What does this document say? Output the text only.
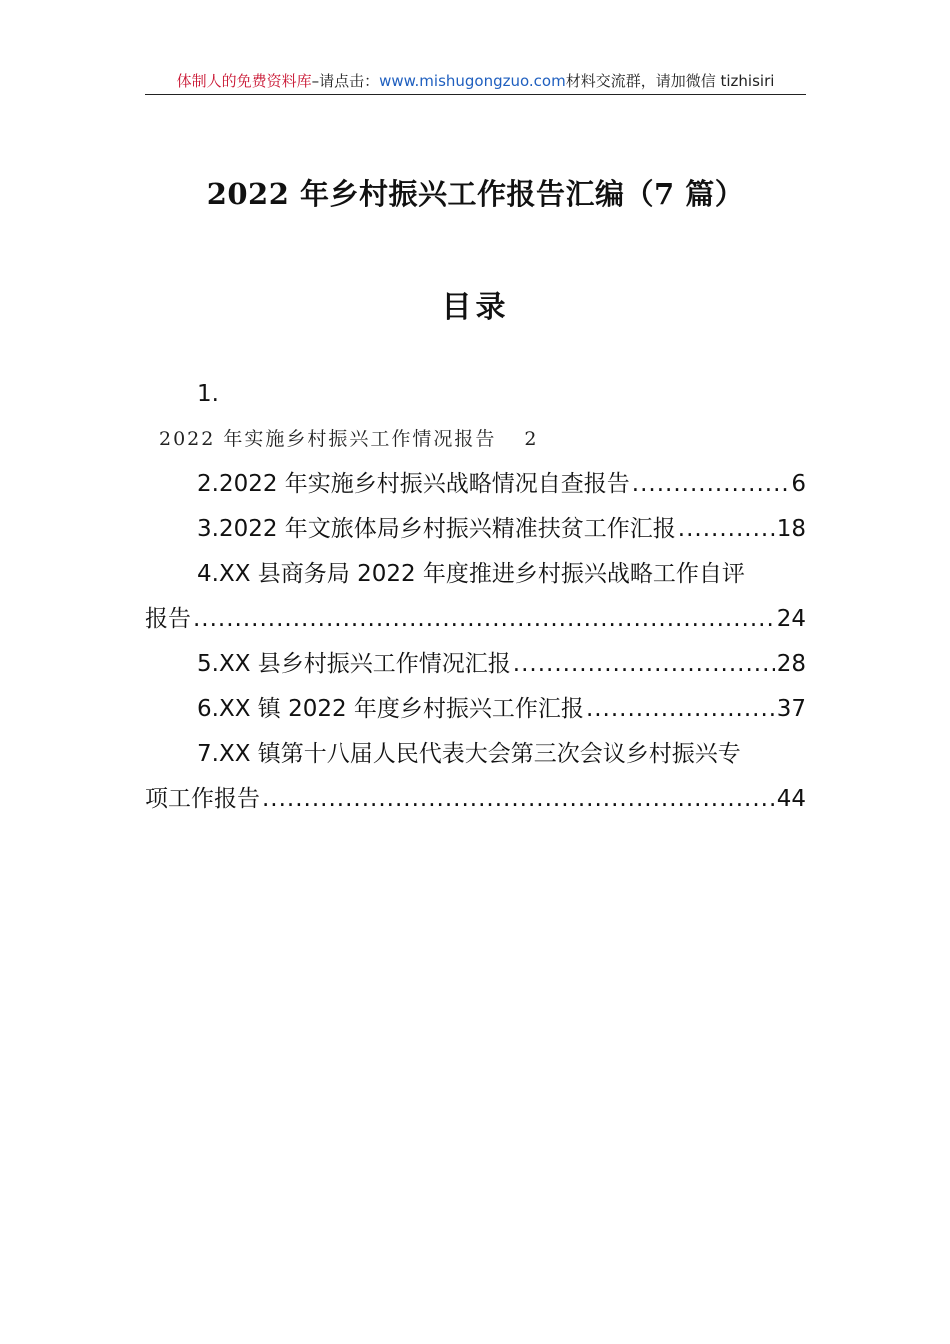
体制人的免费资料库–请点击：www.mishugongzuo.com材料交流群，请加微信 tizhisiri
2022 年乡村振兴工作报告汇编（7 篇）
目录
1.
2022 年实施乡村振兴工作情况报告 2
2.2022 年实施乡村振兴战略情况自查报告 .....	6
3.2022 年文旅体局乡村振兴精准扶贫工作汇报 .....	18
4.XX 县商务局 2022 年度推进乡村振兴战略工作自评
报告 .....	24
5.XX 县乡村振兴工作情况汇报 .....	28
6.XX 镇 2022 年度乡村振兴工作汇报 .....	37
7.XX 镇第十八届人民代表大会第三次会议乡村振兴专
项工作报告 .....	44
